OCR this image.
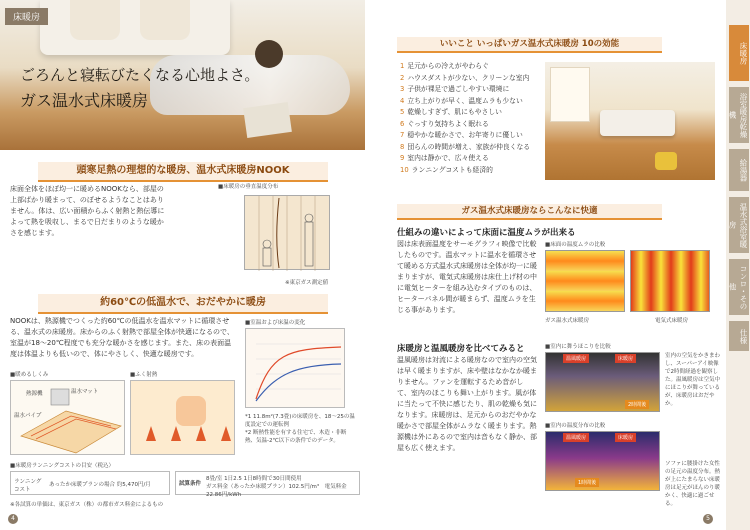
床暖房
ごろんと寝転びたくなる心地よさ。
ガス温水式床暖房
頭寒足熱の理想的な暖房、温水式床暖房NOOK
床面全体をほぼ均一に暖めるNOOKなら、部屋の上部ばかり暖まって、のぼせるようなことはありません。体は、広い面積からふく射熱と熱伝導によって熱を吸収し、まるで日だまりのような暖かさを感じます。
■床暖房の垂直温度分布
※東京ガス測定値
約60℃の低温水で、おだやかに暖房
NOOKは、熱源機でつくった約60℃の低温水を温水マットに循環させる、温水式の床暖房。床からのふく射熱で部屋全体が快適になるので、室温が18～20℃程度でも充分な暖かさを感じます。また、床の表面温度は体温よりも低いので、体にやさしく、快適な暖房です。
■室温および床温の変化
*1 11.8m²(7.3畳)の床暖房を、18～25の温度設定での運転例
*2 断熱性能を有する住宅で、木造・非断熱、気温-2℃以下の条件でのデータ。
■暖めるしくみ
温水マット
熱源機
温水パイプ
■ふく射熱
■床暖房ランニングコストの目安（税込）
ランニングコスト
あったか床暖プランの場合 約5,470円/月	試算条件
8畳/室 1日2.5 1日8時間で30日間使用
ガス料金（あったか床暖プラン）102.5円/m³　電気料金22.86円/kWh
※各試算の単価は、東京ガス（株）の都市ガス料金によるもの
4
いいこと いっぱいガス温水式床暖房 10の効能
1 足元からの冷えがやわらぐ
2 ハウスダストが少ない、クリーンな室内
3 子供が裸足で過ごしやすい環境に
4 立ち上がりが早く、温度ムラも少ない
5 乾燥しすぎず、肌にもやさしい
6 ぐっすり気持ちよく眠れる
7 穏やかな暖かさで、お年寄りに優しい
8 団らんの時間が増え、家族が仲良くなる
9 室内は静かで、広々使える
10 ランニングコストも経済的
ガス温水式床暖房ならこんなに快適
仕組みの違いによって床面に温度ムラが出来る
図は床表面温度をサーモグラフィ映像で比較したものです。温水マットに温水を循環させて暖める方式温水式床暖房は全体が均一に暖まりますが、電気式床暖房は床仕上げ材の中に電気ヒーターを組み込むタイプのものは、ヒーターパネル間が暖まらず、温度ムラを生じる事があります。
■床面の温度ムラの比較
ガス温水式床暖房	電気式床暖房
床暖房と温風暖房を比べてみると
温風暖房は対流による暖房なので室内の空気は早く暖まりますが、床や壁はなかなか暖まりません。ファンを運転するため音がして、室内のほこりも舞い上がります。風が体に当たって不快に感じたり、肌の乾燥も気になります。床暖房は、足元からのおだやかな暖かさで部屋全体がムラなく暖まります。熱源機は外にあるので室内は音もなく静か、部屋も広く使えます。
■室内に舞うほこりを比較
温風暖房	床暖房
2時間後
室内の空気をかきまわし、スーパーアイ映像で2時間経過を観察した。温風暖房は空気中にほこりが舞っているが、床暖房はおだやか。
■室内の温度分布の比較
温風暖房	床暖房
1時間後
ソファに腰掛けた女性の足元の温度分布。熱が上にたまらない床暖房は足元がほんのり暖かく、快適に過ごせる。
5
床暖房
浴室暖房乾燥機
給湯器
温水式浴室暖房
コンロ・その他
仕様
